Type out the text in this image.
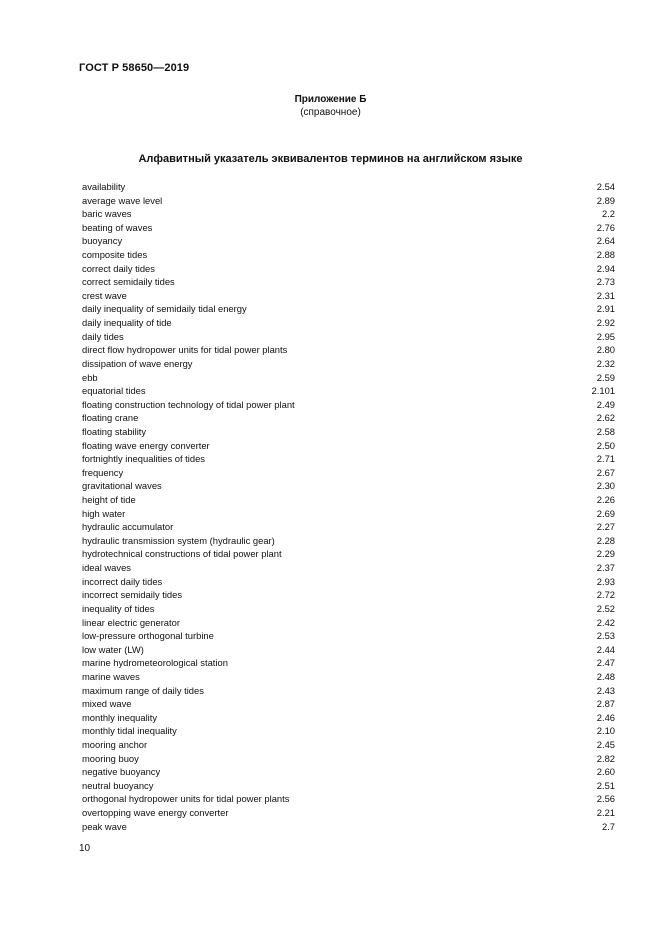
ГОСТ Р 58650—2019
Приложение Б
(справочное)
Алфавитный указатель эквивалентов терминов на английском языке
availability	2.54
average wave level	2.89
baric waves	2.2
beating of waves	2.76
buoyancy	2.64
composite tides	2.88
correct daily tides	2.94
correct semidaily tides	2.73
crest wave	2.31
daily inequality of semidaily tidal energy	2.91
daily inequality of tide	2.92
daily tides	2.95
direct flow hydropower units for tidal power plants	2.80
dissipation of wave energy	2.32
ebb	2.59
equatorial tides	2.101
floating construction technology of tidal power plant	2.49
floating crane	2.62
floating stability	2.58
floating wave energy converter	2.50
fortnightly inequalities of tides	2.71
frequency	2.67
gravitational waves	2.30
height of tide	2.26
high water	2.69
hydraulic accumulator	2.27
hydraulic transmission system (hydraulic gear)	2.28
hydrotechnical constructions of tidal power plant	2.29
ideal waves	2.37
incorrect daily tides	2.93
incorrect semidaily tides	2.72
inequality of tides	2.52
linear electric generator	2.42
low-pressure orthogonal turbine	2.53
low water (LW)	2.44
marine hydrometeorological station	2.47
marine waves	2.48
maximum range of daily tides	2.43
mixed wave	2.87
monthly inequality	2.46
monthly tidal inequality	2.10
mooring anchor	2.45
mooring buoy	2.82
negative buoyancy	2.60
neutral buoyancy	2.51
orthogonal hydropower units for tidal power plants	2.56
overtopping wave energy converter	2.21
peak wave	2.7
10
